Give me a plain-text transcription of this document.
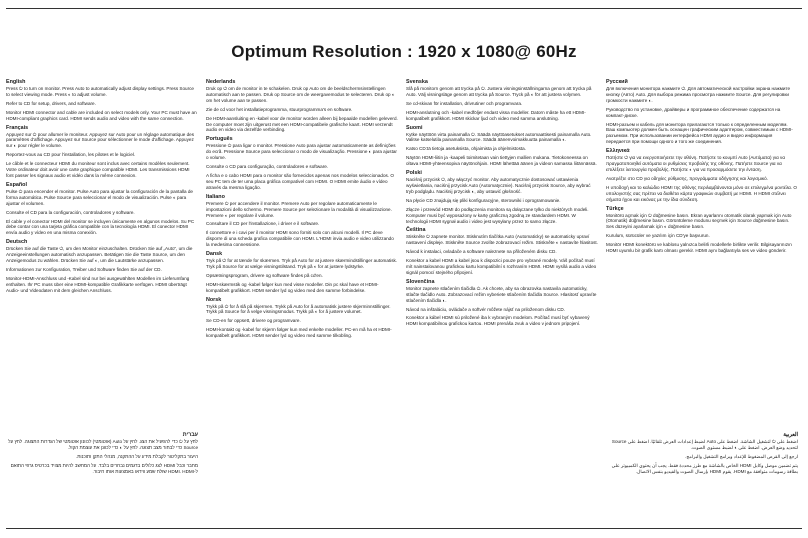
Optimum Resolution : 1920 x 1080@ 60Hz
English

Press ⏻ to turn on monitor. Press Auto to automatically adjust display settings. Press Source to select viewing mode. Press ◐ to adjust volume.

Refer to CD for setup, drivers, and software.

Monitor HDMI connector and cable are included on select models only. Your PC must have an HDMI-compliant graphics card. HDMI sends audio and video with the same connection.

Français

Appuyez sur ⏻ pour allumer le moniteur. Appuyez sur Auto pour un réglage automatique des paramètres d'affichage. Appuyez sur Source pour sélectionner le mode d'affichage. Appuyez sur ◐ pour régler le volume.

Reportez-vous au CD pour l'installation, les pilotes et le logiciel.

Le câble et le connecteur HDMI du moniteur sont inclus avec certains modèles seulement. Votre ordinateur doit avoir une carte graphique compatible HDMI. Les transmissions HDMI font passer les signaux audio et vidéo dans la même connexion.

Español

Pulse ⏻ para encender el monitor. Pulse Auto para ajustar la configuración de la pantalla de forma automática. Pulse Source para seleccionar el modo de visualización. Pulse ◐ para ajustar el volumen.

Consulte el CD para la configuración, controladores y software.

El cable y el conector HDMI del monitor se incluyen únicamente en algunos modelos. Su PC debe contar con una tarjeta gráfica compatible con la tecnología HDMI. El conector HDMI envía audio y vídeo en una misma conexión.

Deutsch

Drücken Sie auf die Taste ⏻, um den Monitor einzuschalten. Drücken Sie auf „Auto“, um die Anzeigeeinstellungen automatisch anzupassen. Betätigen Sie die Taste Source, um den Anzeigemodus zu wählen. Drücken Sie auf ◐, um die Lautstärke anzupassen.

Informationen zur Konfiguration, Treiber und Software finden Sie auf der CD.

Monitor-HDMI-Anschluss und -Kabel sind nur bei ausgewählten Modellen im Lieferumfang enthalten. Ihr PC muss über eine HDMI-kompatible Grafikkarte verfügen. HDMI überträgt Audio- und Videodaten mit dem gleichen Anschluss.

Nederlands

Druk op ⏻ om de monitor in te schakelen. Druk op Auto om de beeldschermsinstellingen automatisch aan te passen. Druk op Source om de weergavemodus te selecteren. Druk op ◐ om het volume aan te passen.

Zie de cd voor het installatieprogramma, stuurprogramma's en software.

De HDMI-aansluiting en -kabel voor de monitor worden alleen bij bepaalde modellen geleverd. De computer moet zijn uitgerust met een HDMI-compatibele grafische kaart. HDMI verzendt audio en video via dezelfde verbinding.

Português

Pressione ⏻ para ligar o monitor. Pressione Auto para ajustar automaticamente as definições do ecrã. Pressione Source para seleccionar o modo de visualização. Pressione ◐ para ajustar o volume.

Consulte o CD para configuração, controladores e software.

A ficha e o cabo HDMI para o monitor são fornecidos apenas nos modelos seleccionados. O seu PC tem de ter uma placa gráfica compatível com HDMI. O HDMI emite áudio e vídeo através da mesma ligação.

Italiano

Premere ⏻ per accendere il monitor. Premere Auto per regolare automaticamente le impostazioni dello schermo. Premere Source per selezionare la modalità di visualizzazione. Premere ◐ per regolare il volume.

Consultare il CD per l'installazione, i driver e il software.

Il connettore e i cavi per il monitor HDMI sono forniti solo con alcuni modelli. Il PC deve disporre di una scheda grafica compatibile con HDMI. L'HDMI invia audio e video utilizzando la medesima connessione.

Dansk

Tryk på ⏻ for at tænde for skærmen. Tryk på Auto for at justere skærmindstillinger automatisk. Tryk på Source for at vælge visningstilstand. Tryk på ◐ for at justere lydstyrke.

Opsætningsprogram, drivere og software findes på cd'en.

HDMI-skærmstik og -kabel følger kun med visse modeller. Din pc skal have et HDMI-kompatibelt grafikkort. HDMI sender lyd og video med den samme forbindelse.

Norsk

Trykk på ⏻ for å slå på skjermen. Trykk på Auto for å automatisk justere skjerminnstillinger. Trykk på Source for å velge visningsmodus. Trykk på ◐ for å justere volumet.

Se CD-en for oppsett, drivere og programvare.

HDMI-kontakt og -kabel for skjerm følger kun med enkelte modeller. PC-en må ha et HDMI-kompatibelt grafikkort. HDMI sender lyd og video med samme tilkobling.

Svenska

Slå på monitorn genom att trycka på ⏻. Justera visningsinställningarna genom att trycka på Auto. Välj visningsläge genom att trycka på Source. Tryck på ◐ för att justera volymen.

Se cd-skivan för installation, drivrutiner och programvara.

HDMI-anslutning och -kabel medföljer endast vissa modeller. Datorn måste ha ett HDMI-kompatibelt grafikkort. HDMI skickar ljud och video med samma anslutning.

Suomi

Kytke näyttöön virta painamalla ⏻. Säädä näyttöasetukset automaattisesti painamalla Auto. Valitse katselutila painamalla Source. Säädä äänenvoimakkuutta painamalla ◐.

Katso CD:tä tietoja asetuksista, ohjaimista ja ohjelmistosta.

Näytön HDMI-liitin ja -kaapeli toimitetaan vain tiettyjen mallien mukana. Tietokoneessa on oltava HDMI-yhteensopiva näytönohjain. HDMI lähettää äänen ja videon samassa liitännässä.

Polski

Naciśnij przycisk ⏻, aby włączyć monitor. Aby automatycznie dostosować ustawienia wyświetlania, naciśnij przycisk Auto (Automatycznie). Naciśnij przycisk Source, aby wybrać tryb podglądu. Naciśnij przycisk ◐, aby ustawić głośność.

Na płycie CD znajdują się pliki konfiguracyjne, sterowniki i oprogramowanie.

Złącze i przewód HDMI do podłączenia monitora są dołączane tylko do niektórych modeli. Komputer musi być wyposażony w kartę graficzną zgodną ze standardem HDMI. W technologii HDMI sygnał audio i video jest wysyłany przez to samo złącze.

Čeština

Stiskněte ⏻ zapnete monitor. Stisknutím tlačítka Auto (Automaticky) se automaticky upraví nastavení displeje. Stiskněte Source zvolíte zobrazovací režim. Stiskněte ◐ nastavíte hlasitost.

Návod k instalaci, ovladače a software naleznete na přiloženém disku CD.

Konektor a kabel HDMI a kabel jsou k dispozici pouze pro vybrané modely. Váš počítač musí mít nainstalovanou grafickou kartu kompatibilní s rozhraním HDMI. HDMI vysílá audio a video signál pomocí stejného připojení.

Slovenčina

Monitor zapnete stlačením tlačidla ⏻. Ak chcete, aby sa obrazovka nastavila automaticky, stlačte tlačidlo Auto. Zobrazovací režim vyberiete stlačením tlačidla Source. Hlasitosť upravíte stlačením tlačidla ◐.

Návod na inštaláciu, ovládače a softvér môžete nájsť na priloženom disku CD.

Konektor a kábel HDMI sú priložené iba k vybraným modelom. Počítač musí byť vybavený HDMI kompatibilnou grafickou kartou. HDMI prenáša zvuk a video v jednom pripojení.

Русский

Для включения монитора нажмите ⏻. Для автоматической настройки экрана нажмите кнопку (Авто) Auto. Для выбора режима просмотра нажмите Source. Для регулировки громкости нажмите ◐.

Руководство по установке, драйверы и программное обеспечение содержатся на компакт-диске.

HDMI-разъем и кабель для монитора прилагаются только к определенным моделям. Ваш компьютер должен быть оснащен графическим адаптером, совместимым с HDMI-разъемом. При использовании интерфейса HDMI аудио и видео информация передается при помощи одного и того же соединения.

Ελληνικά

Πατήστε ⏻ για να ενεργοποιήσετε την οθόνη. Πατήστε το κουμπί Auto (Αυτόματα) για να πραγματοποιηθεί αυτόματα οι ρυθμίσεις προβολής της οθόνης. Πατήστε Source για να επιλέξετε λειτουργία προβολής. Πατήστε ◐ για να προσαρμόσετε την ένταση.

Ανατρέξτε στο CD για οδηγίες ρύθμισης, προγράμματα οδήγησης και λογισμικό.

Η υποδοχή και το καλώδιο HDMI της οθόνης περιλαμβάνονται μόνο σε επιλεγμένα μοντέλα. Ο υπολογιστής σας πρέπει να διαθέτει κάρτα γραφικών συμβατή με HDMI. Η HDMI στέλνει σήματα ήχου και εικόνας με την ίδια σύνδεση.

Türkçe

Monitörü açmak için ⏻ düğmesine basın. Ekran ayarlarını otomatik olarak yapmak için Auto (Otomatik) düğmesine basın. Görüntüleme modunu seçmek için Source düğmesine basın. Ses düzeyini ayarlamak için ◐ düğmesine basın.

Kurulum, sürücüler ve yazılım için CD'ye başvurun.

Monitör HDMI konektörü ve kablosu yalnızca belirli modellerle birlikte verilir. Bilgisayarınızın HDMI uyumlu bir grafik kartı olması gerekir. HDMI aynı bağlantıyla ses ve video gönderir.

עברית

לחץ על ⏻ כדי להפעיל את הצג. לחץ על Auto (אוטומטי) לכוונון אוטומטי של הגדרות התצוגה. לחץ על Source כדי לבחור מצב תצוגה. לחץ על ◐ כדי לכוונן את עוצמת הקול.

היעזר בתקליטור לקבלת מידע על ההתקנה, מנהלי התקן ותוכנות.

מחבר וכבל HDMI לצג כלולים בדגמים נבחרים בלבד. על המחשב להיות מצויד בכרטיס גרפי התואם ל-HDMI. HDMI שולח שמע ווידאו באמצעות אותו חיבור.

العربية

اضغط على ⏻ لتشغيل الشاشة. اضغط على Auto لضبط إعدادات العرض تلقائيًا. اضغط على Source لتحديد وضع العرض. اضغط على ◐ لضبط مستوى الصوت.

ارجع إلى القرص المضغوط للإعداد وبرامج التشغيل والبرامج.

يتم تضمين موصل وكابل HDMI الخاص بالشاشة مع طرز محددة فقط. يجب أن يحتوي الكمبيوتر على بطاقة رسومات متوافقة مع HDMI. يقوم HDMI بإرسال الصوت والفيديو بنفس الاتصال.
